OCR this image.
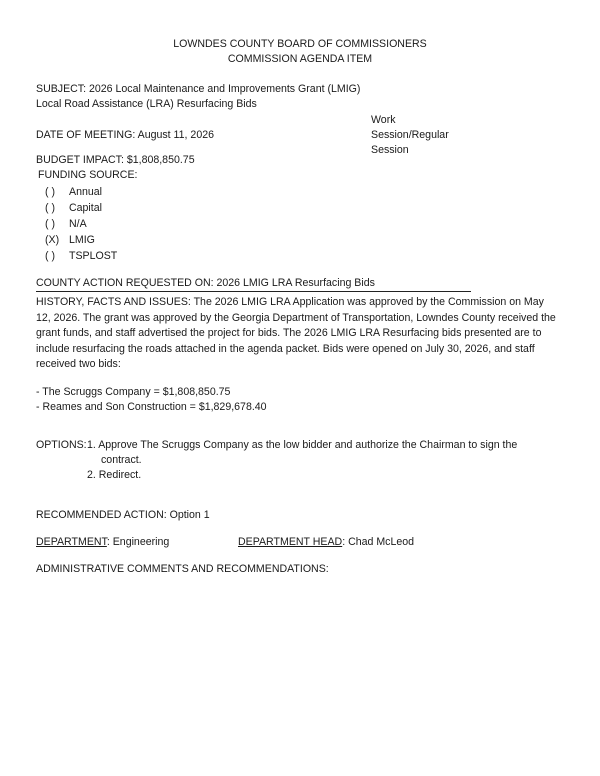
LOWNDES COUNTY BOARD OF COMMISSIONERS
COMMISSION AGENDA ITEM
SUBJECT: 2026 Local Maintenance and Improvements Grant (LMIG)
Local Road Assistance (LRA) Resurfacing Bids
DATE OF MEETING: August 11, 2026
Work
Session/Regular
Session
BUDGET IMPACT: $1,808,850.75
FUNDING SOURCE:
( ) Annual
( ) Capital
( ) N/A
(X) LMIG
( ) TSPLOST
COUNTY ACTION REQUESTED ON: 2026 LMIG LRA Resurfacing Bids
HISTORY, FACTS AND ISSUES: The 2026 LMIG LRA Application was approved by the Commission on May 12, 2026. The grant was approved by the Georgia Department of Transportation, Lowndes County received the grant funds, and staff advertised the project for bids. The 2026 LMIG LRA Resurfacing bids presented are to include resurfacing the roads attached in the agenda packet. Bids were opened on July 30, 2026, and staff received two bids:
- The Scruggs Company = $1,808,850.75
- Reames and Son Construction = $1,829,678.40
OPTIONS: 1. Approve The Scruggs Company as the low bidder and authorize the Chairman to sign the
contract.
2. Redirect.
RECOMMENDED ACTION: Option 1
DEPARTMENT: Engineering	DEPARTMENT HEAD: Chad McLeod
ADMINISTRATIVE COMMENTS AND RECOMMENDATIONS:
